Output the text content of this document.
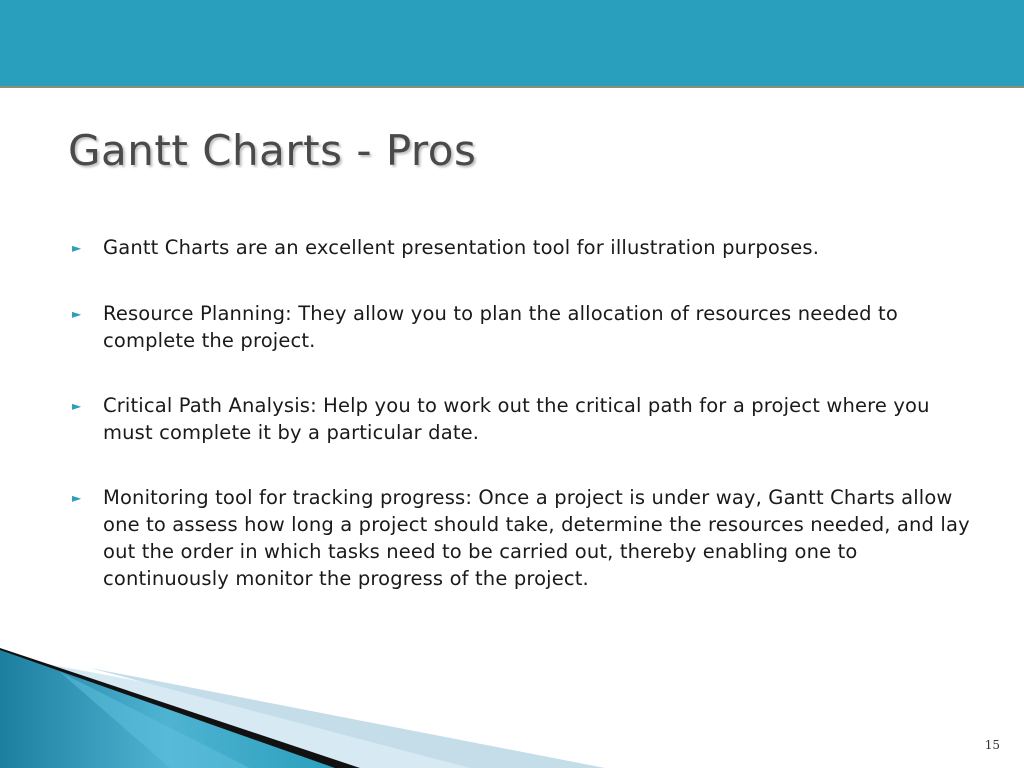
Gantt Charts - Pros
►	Gantt Charts are an excellent presentation tool for illustration purposes.
►	Resource Planning: They allow you to plan the allocation of resources needed to complete the project.
►	Critical Path Analysis: Help you to work out the critical path for a project where you must complete it by a particular date.
►	Monitoring tool for tracking progress: Once a project is under way, Gantt Charts allow one to assess how long a project should take, determine the resources needed, and lay out the order in which tasks need to be carried out, thereby enabling one to continuously monitor the progress of the project.
15
